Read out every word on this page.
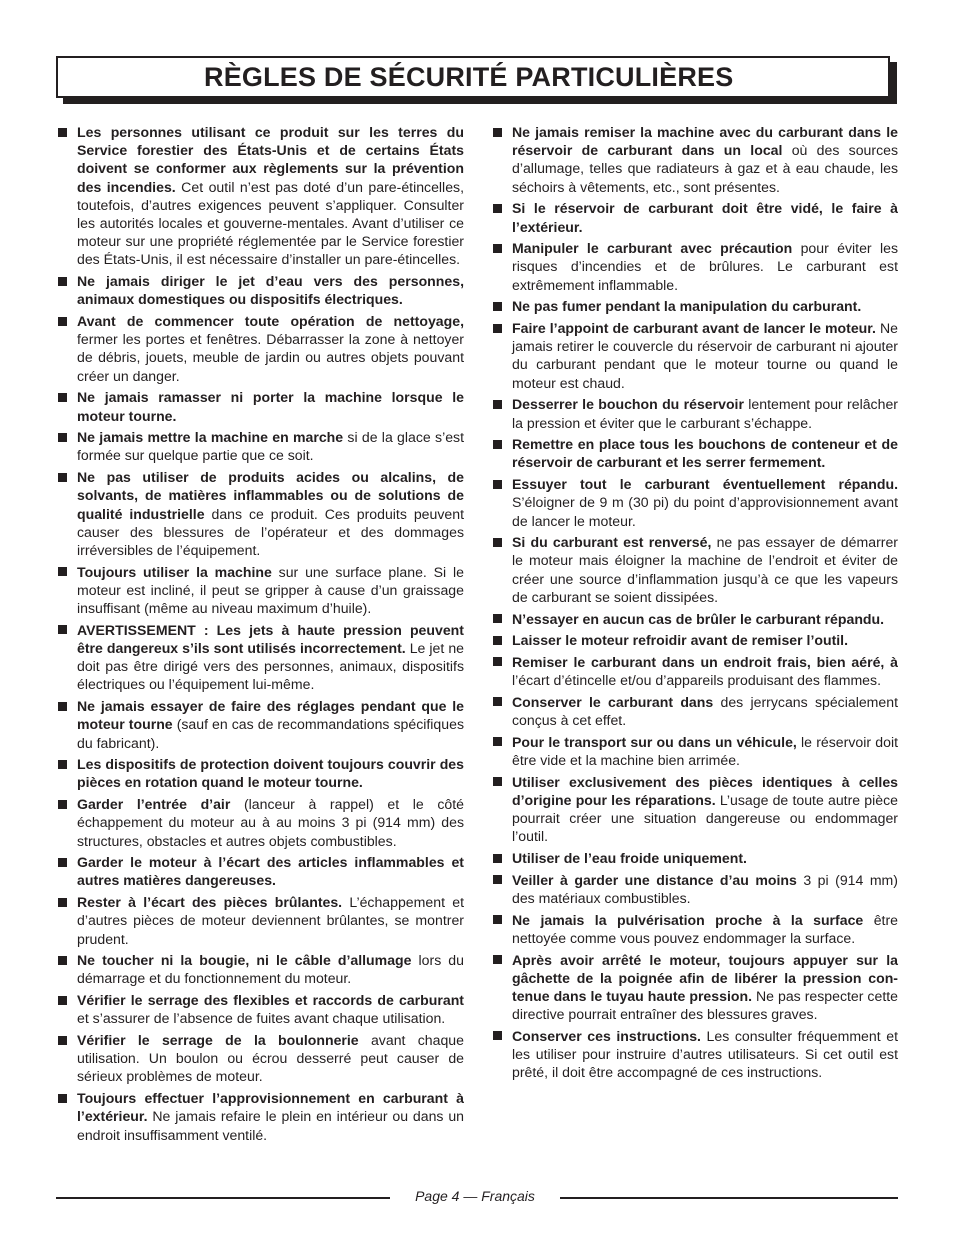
RÈGLES DE SÉCURITÉ PARTICULIÈRES
Les personnes utilisant ce produit sur les terres du Service forestier des États-Unis et de certains États doivent se conformer aux règlements sur la prévention des incendies. Cet outil n’est pas doté d’un pare-étincelles, toutefois, d’autres exigences peuvent s’appliquer. Consulter les autorités locales et gouverne-mentales. Avant d’utiliser ce moteur sur une propriété réglementée par le Service forestier des États-Unis, il est nécessaire d’installer un pare-étincelles.
Ne jamais diriger le jet d’eau vers des personnes, animaux domestiques ou dispositifs électriques.
Avant de commencer toute opération de nettoyage, fermer les portes et fenêtres. Débarrasser la zone à nettoyer de débris, jouets, meuble de jardin ou autres objets pouvant créer un danger.
Ne jamais ramasser ni porter la machine lorsque le moteur tourne.
Ne jamais mettre la machine en marche si de la glace s’est formée sur quelque partie que ce soit.
Ne pas utiliser de produits acides ou alcalins, de solvants, de matières inflammables ou de solutions de qualité industrielle dans ce produit. Ces produits peuvent causer des blessures de l’opérateur et des dommages irréversibles de l’équipement.
Toujours utiliser la machine sur une surface plane. Si le moteur est incliné, il peut se gripper à cause d’un graissage insuffisant (même au niveau maximum d’huile).
AVERTISSEMENT : Les jets à haute pression peuvent être dangereux s’ils sont utilisés incorrectement. Le jet ne doit pas être dirigé vers des personnes, animaux, dispositifs électriques ou l’équipement lui-même.
Ne jamais essayer de faire des réglages pendant que le moteur tourne (sauf en cas de recommandations spécifiques du fabricant).
Les dispositifs de protection doivent toujours couvrir des pièces en rotation quand le moteur tourne.
Garder l’entrée d’air (lanceur à rappel) et le côté échappement du moteur au à au moins 3 pi (914 mm) des structures, obstacles et autres objets combustibles.
Garder le moteur à l’écart des articles inflammables et autres matières dangereuses.
Rester à l’écart des pièces brûlantes. L’échappement et d’autres pièces de moteur deviennent brûlantes, se montrer prudent.
Ne toucher ni la bougie, ni le câble d’allumage lors du démarrage et du fonctionnement du moteur.
Vérifier le serrage des flexibles et raccords de carburant et s’assurer de l’absence de fuites avant chaque utilisation.
Vérifier le serrage de la boulonnerie avant chaque utilisation. Un boulon ou écrou desserré peut causer de sérieux problèmes de moteur.
Toujours effectuer l’approvisionnement en carburant à l’extérieur. Ne jamais refaire le plein en intérieur ou dans un endroit insuffisamment ventilé.
Ne jamais remiser la machine avec du carburant dans le réservoir de carburant dans un local où des sources d’allumage, telles que radiateurs à gaz et à eau chaude, les séchoirs à vêtements, etc., sont présentes.
Si le réservoir de carburant doit être vidé, le faire à l’extérieur.
Manipuler le carburant avec précaution pour éviter les risques d’incendies et de brûlures. Le carburant est extrêmement inflammable.
Ne pas fumer pendant la manipulation du carburant.
Faire l’appoint de carburant avant de lancer le moteur. Ne jamais retirer le couvercle du réservoir de carburant ni ajouter du carburant pendant que le moteur tourne ou quand le moteur est chaud.
Desserrer le bouchon du réservoir lentement pour relâcher la pression et éviter que le carburant s’échappe.
Remettre en place tous les bouchons de conteneur et de réservoir de carburant et les serrer fermement.
Essuyer tout le carburant éventuellement répandu. S’éloigner de 9 m (30 pi) du point d’approvisionnement avant de lancer le moteur.
Si du carburant est renversé, ne pas essayer de démarrer le moteur mais éloigner la machine de l’endroit et éviter de créer une source d’inflammation jusqu’à ce que les vapeurs de carburant se soient dissipées.
N’essayer en aucun cas de brûler le carburant répandu.
Laisser le moteur refroidir avant de remiser l’outil.
Remiser le carburant dans un endroit frais, bien aéré, à l’écart d’étincelle et/ou d’appareils produisant des flammes.
Conserver le carburant dans des jerrycans spécialement conçus à cet effet.
Pour le transport sur ou dans un véhicule, le réservoir doit être vide et la machine bien arrimée.
Utiliser exclusivement des pièces identiques à celles d’origine pour les réparations. L’usage de toute autre pièce pourrait créer une situation dangereuse ou endommager l’outil.
Utiliser de l’eau froide uniquement.
Veiller à garder une distance d’au moins 3 pi (914 mm) des matériaux combustibles.
Ne jamais la pulvérisation proche à la surface être nettoyée comme vous pouvez endommager la surface.
Après avoir arrêté le moteur, toujours appuyer sur la gâchette de la poignée afin de libérer la pression con-tenue dans le tuyau haute pression. Ne pas respecter cette directive pourrait entraîner des blessures graves.
Conserver ces instructions. Les consulter fréquemment et les utiliser pour instruire d’autres utilisateurs. Si cet outil est prêté, il doit être accompagné de ces instructions.
Page 4 — Français
